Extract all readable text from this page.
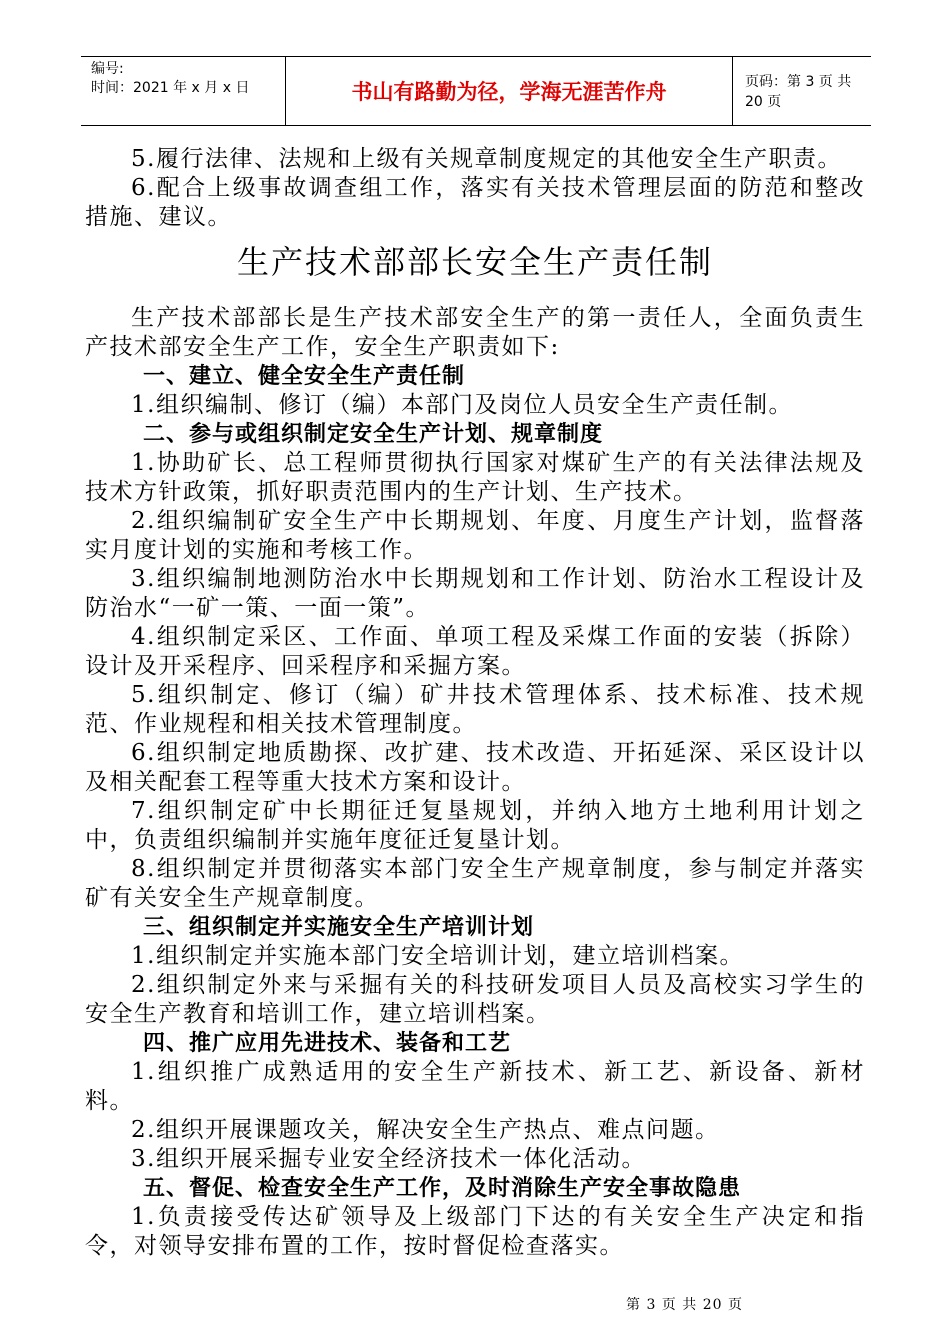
编号:
时间：2021 年 x 月 x 日	书山有路勤为径，学海无涯苦作舟	页码：第 3 页 共 20 页

5.履行法律、法规和上级有关规章制度规定的其他安全生产职责。

6.配合上级事故调查组工作，落实有关技术管理层面的防范和整改措施、建议。

生产技术部部长安全生产责任制

生产技术部部长是生产技术部安全生产的第一责任人，全面负责生产技术部安全生产工作，安全生产职责如下:

一、建立、健全安全生产责任制

1.组织编制、修订（编）本部门及岗位人员安全生产责任制。

二、参与或组织制定安全生产计划、规章制度

1.协助矿长、总工程师贯彻执行国家对煤矿生产的有关法律法规及技术方针政策，抓好职责范围内的生产计划、生产技术。

2.组织编制矿安全生产中长期规划、年度、月度生产计划，监督落实月度计划的实施和考核工作。

3.组织编制地测防治水中长期规划和工作计划、防治水工程设计及防治水“一矿一策、一面一策”。

4.组织制定采区、工作面、单项工程及采煤工作面的安装（拆除）设计及开采程序、回采程序和采掘方案。

5.组织制定、修订（编）矿井技术管理体系、技术标准、技术规范、作业规程和相关技术管理制度。

6.组织制定地质勘探、改扩建、技术改造、开拓延深、采区设计以及相关配套工程等重大技术方案和设计。

7.组织制定矿中长期征迁复垦规划，并纳入地方土地利用计划之中，负责组织编制并实施年度征迁复垦计划。

8.组织制定并贯彻落实本部门安全生产规章制度，参与制定并落实矿有关安全生产规章制度。

三、组织制定并实施安全生产培训计划

1.组织制定并实施本部门安全培训计划，建立培训档案。

2.组织制定外来与采掘有关的科技研发项目人员及高校实习学生的安全生产教育和培训工作，建立培训档案。

四、推广应用先进技术、装备和工艺

1.组织推广成熟适用的安全生产新技术、新工艺、新设备、新材料。

2.组织开展课题攻关，解决安全生产热点、难点问题。

3.组织开展采掘专业安全经济技术一体化活动。

五、督促、检查安全生产工作，及时消除生产安全事故隐患

1.负责接受传达矿领导及上级部门下达的有关安全生产决定和指令，对领导安排布置的工作，按时督促检查落实。

第 3 页 共 20 页
